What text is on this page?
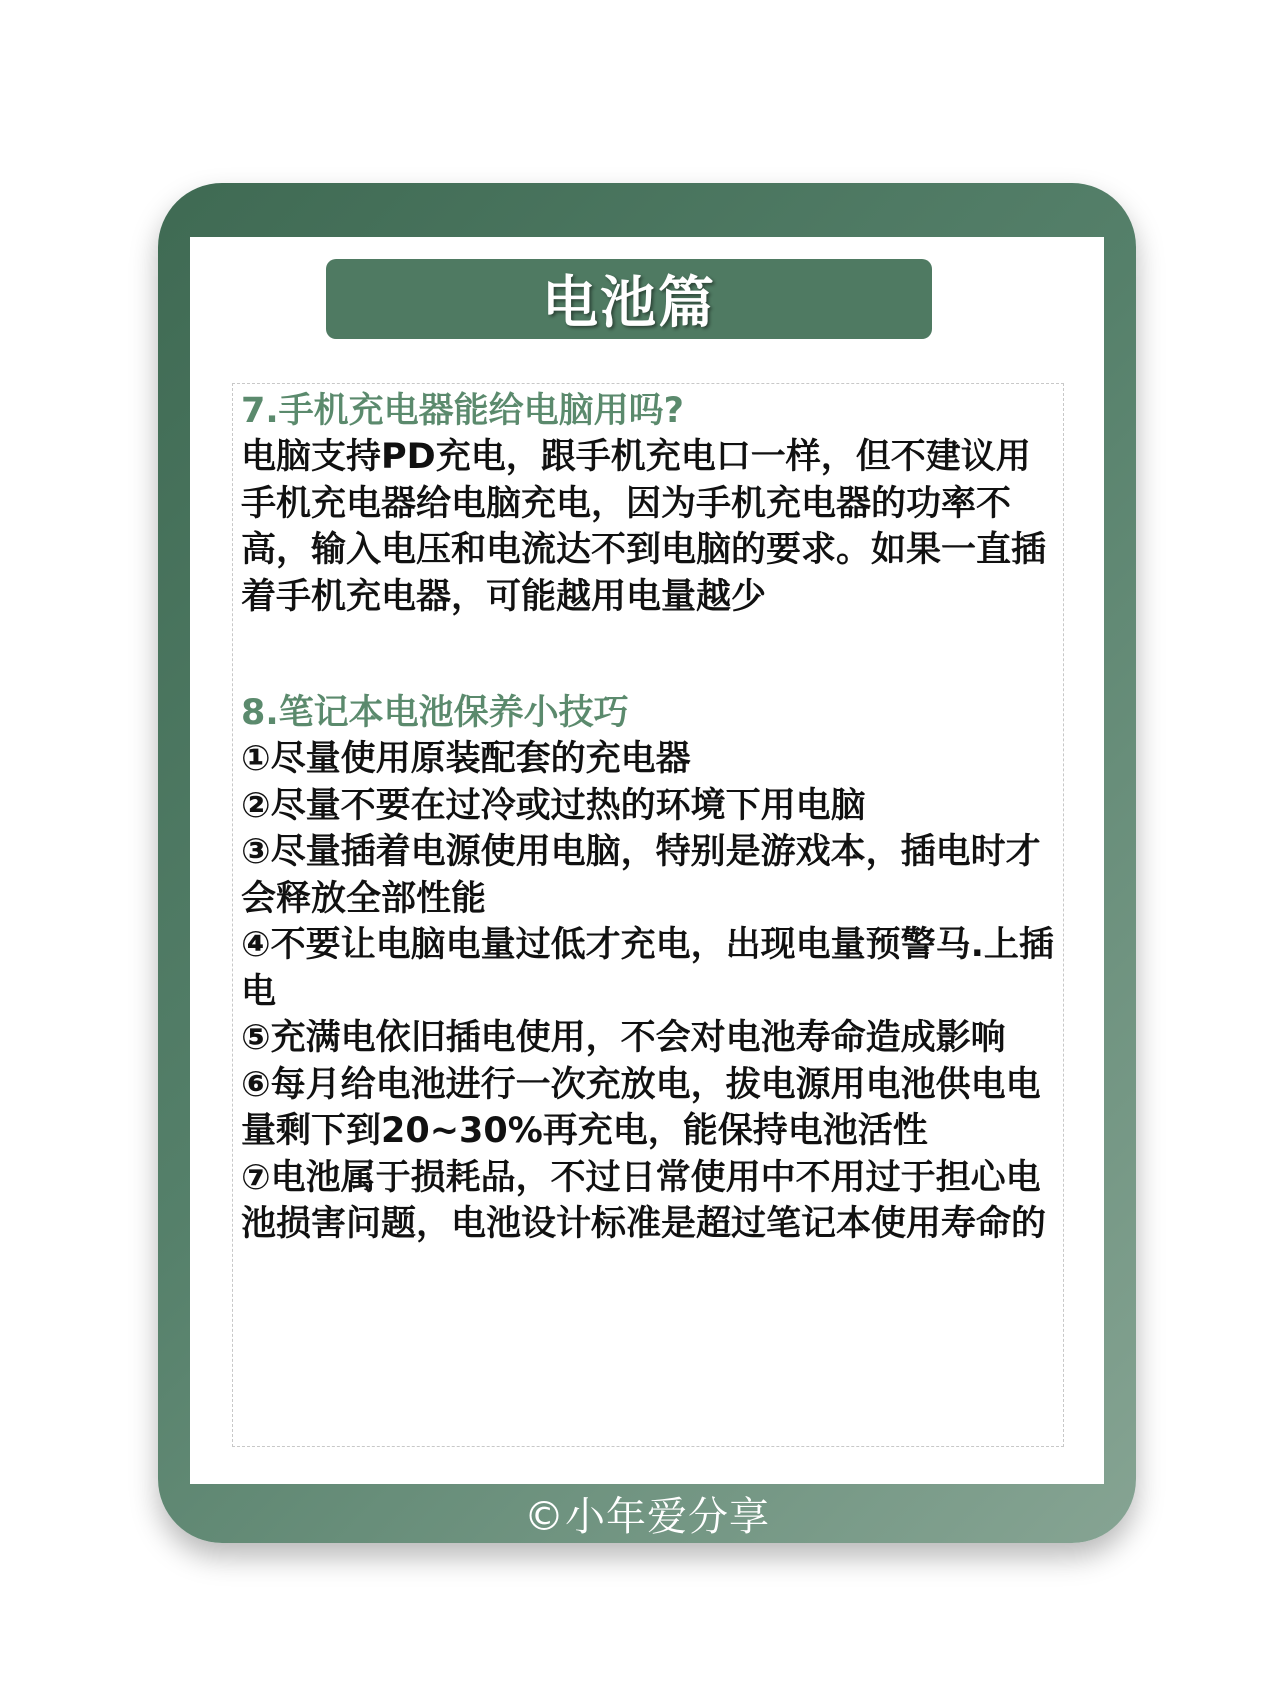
电池篇

7.手机充电器能给电脑用吗?

电脑支持PD充电，跟手机充电口一样，但不建议用手机充电器给电脑充电，因为手机充电器的功率不高，输入电压和电流达不到电脑的要求。如果一直插着手机充电器，可能越用电量越少

8.笔记本电池保养小技巧

①尽量使用原装配套的充电器

②尽量不要在过冷或过热的环境下用电脑

③尽量插着电源使用电脑，特别是游戏本，插电时才会释放全部性能

④不要让电脑电量过低才充电，出现电量预警马.上插电

⑤充满电依旧插电使用，不会对电池寿命造成影响

⑥每月给电池进行一次充放电，拔电源用电池供电电量剩下到20~30%再充电，能保持电池活性

⑦电池属于损耗品，不过日常使用中不用过于担心电池损害问题，电池设计标准是超过笔记本使用寿命的

©小年爱分享
